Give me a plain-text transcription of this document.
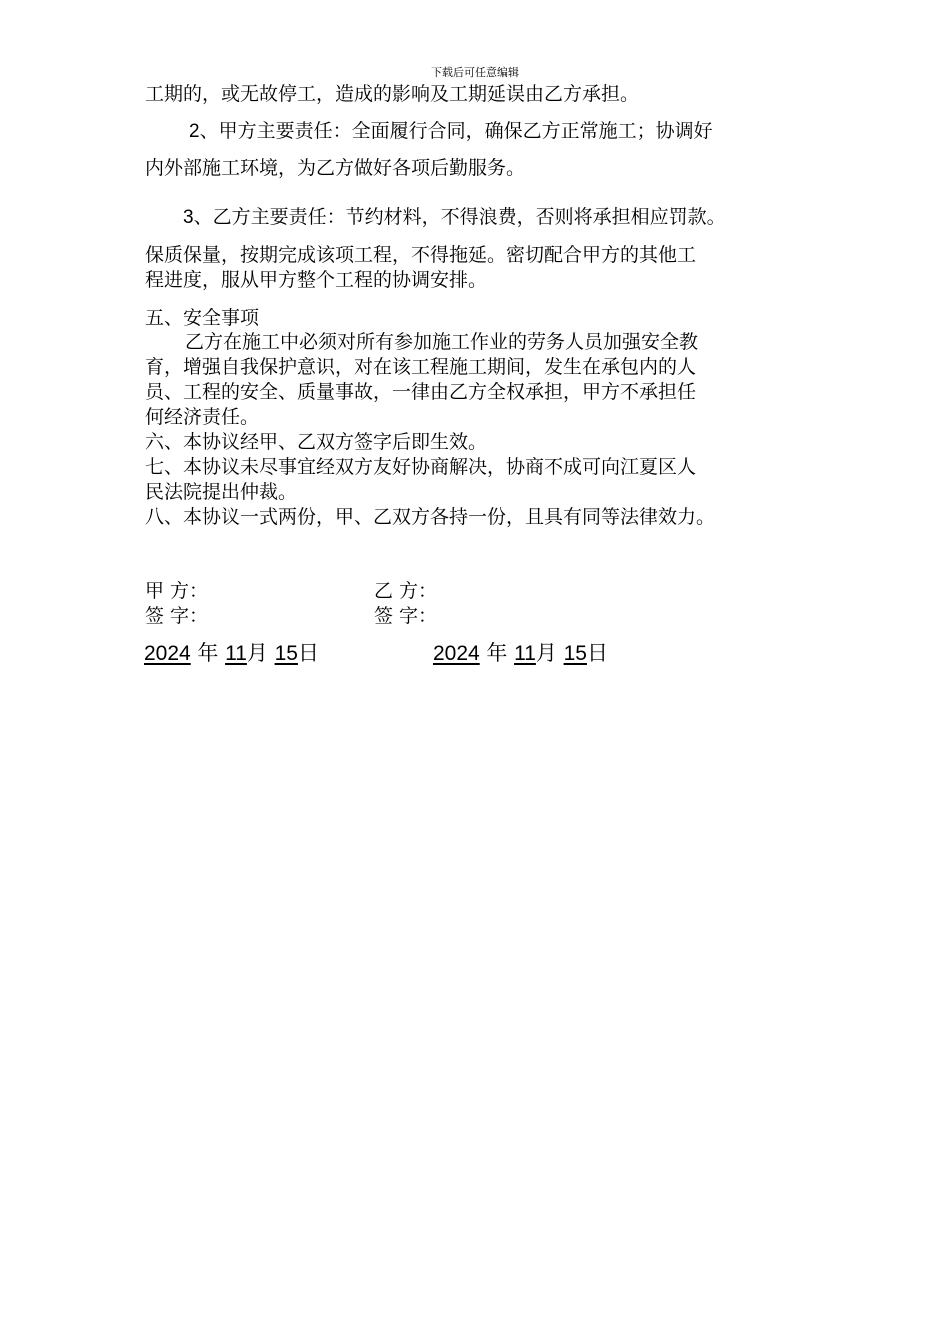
下载后可任意编辑
工期的，或无故停工，造成的影响及工期延误由乙方承担。
2、甲方主要责任：全面履行合同，确保乙方正常施工；协调好
内外部施工环境，为乙方做好各项后勤服务。
3、乙方主要责任：节约材料，不得浪费，否则将承担相应罚款。
保质保量，按期完成该项工程，不得拖延。密切配合甲方的其他工
程进度，服从甲方整个工程的协调安排。
五、安全事项
乙方在施工中必须对所有参加施工作业的劳务人员加强安全教
育，增强自我保护意识，对在该工程施工期间，发生在承包内的人
员、工程的安全、质量事故，一律由乙方全权承担，甲方不承担任
何经济责任。
六、本协议经甲、乙双方签字后即生效。
七、本协议未尽事宜经双方友好协商解决，协商不成可向江夏区人
民法院提出仲裁。
八、本协议一式两份，甲、乙双方各持一份，且具有同等法律效力。
甲 方：	乙 方：
签 字：	签 字：
2024 年 11月 15日	2024 年 11月 15日
